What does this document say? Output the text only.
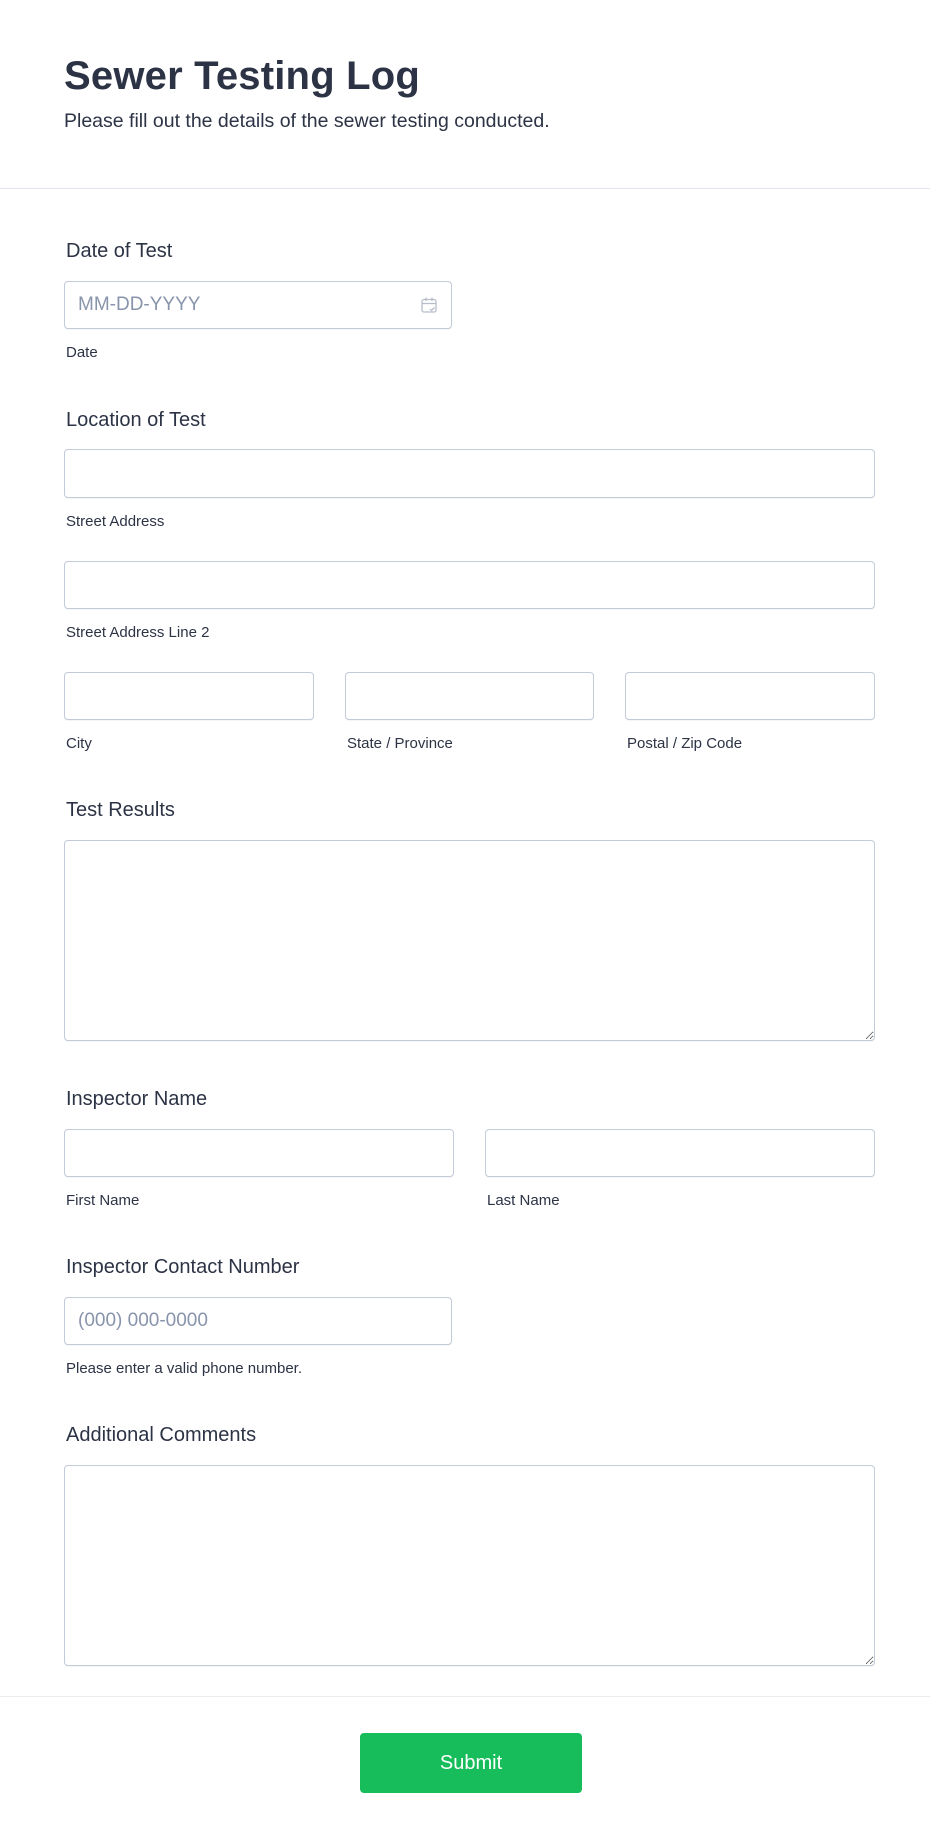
Sewer Testing Log
Please fill out the details of the sewer testing conducted.
Date of Test
MM-DD-YYYY
Date
Location of Test
Street Address
Street Address Line 2
City	State / Province	Postal / Zip Code
Test Results
Inspector Name
First Name	Last Name
Inspector Contact Number
(000) 000-0000
Please enter a valid phone number.
Additional Comments
Submit
